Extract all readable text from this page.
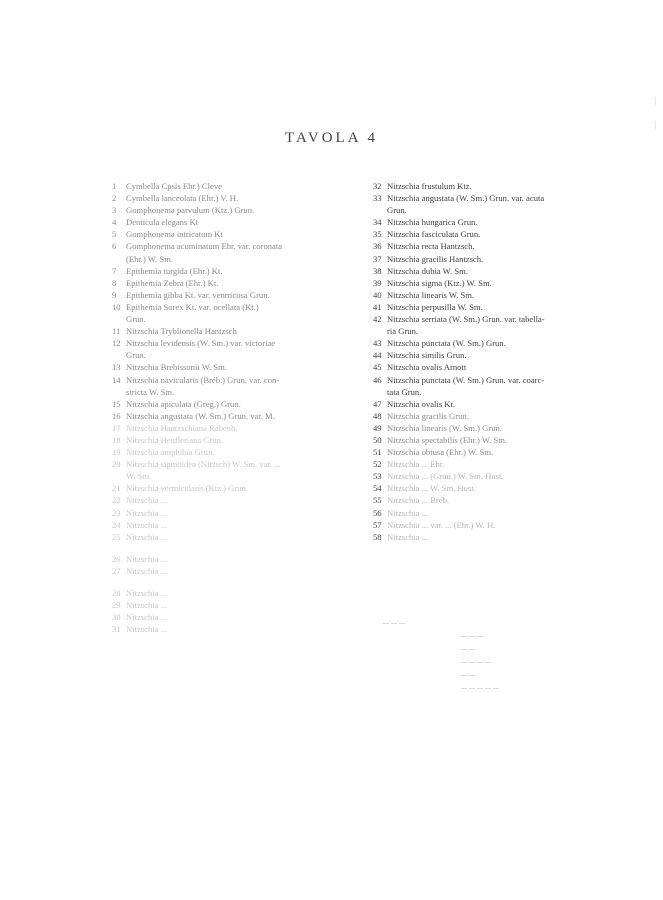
TAVOLA 4
1	Cymbella Cpsis Ehr.) Cleve
2	Cymbella lanceolata (Ehr.) V. H.
3	Gomphonema parvulum (Ktz.) Grun.
4	Denticula elegans Kt
5	Gomphonema intricatum Kt
6	Gomphonema acuminatum Ehr. var. coronata
(Ehr.) W. Sm.
7	Epithemia turgida (Ehr.) Kt.
8	Epithemia Zebra (Ehr.) Kt.
9	Epithemia gibba Kt. var. ventricosa Grun.
10 Epithemia Sorex Kt. var. ocellata (Kt.)
Grun.
11 Nitzschia Tryblionella Hantzsch
12 Nitzschia levidensis (W. Sm.) var. victoriae
Grun.
13 Nitzschia Brebissonii W. Sm.
14 Nitzschia navicularis (Bréb.) Grun. var. con-
stricta W. Sm.
15 Nitzschia apiculata (Greg.) Grun.
16 Nitzschia angustata (W. Sm.) Grun. var. M.
17 Nitzschia Hantzschiana Rabenh.
18 Nitzschia Heufleriana Grun.
19 Nitzschia amphibia Grun.
20 Nitzschia sigmoidea (Nitzsch) W. Sm. var. ...
W. Sm.
21 Nitzschia vermicularis (Ktz.) Grun.
22 Nitzschia ...
23 Nitzschia ...
24 Nitzschia ...
25 Nitzschia ...
26 Nitzschia ...
27 Nitzschia ...
28 Nitzschia ...
29 Nitzschia ...
30 Nitzschia ...
31 Nitzschia ...
32 Nitzschia frustulum Ktz.
33 Nitzschia angustata (W. Sm.) Grun. var. acuta
Grun.
34 Nitzschia hungarica Grun.
35 Nitzschia fasciculata Grun.
36 Nitzschia recta Hantzsch.
37 Nitzschia gracilis Hantzsch.
38 Nitzschia dubia W. Sm.
39 Nitzschia sigma (Ktz.) W. Sm.
40 Nitzschia linearis W. Sm.
41 Nitzschia perpusilla W. Sm.
42 Nitzschia serriata (W. Sm.) Grun. var. tabella-
ria Grun.
43 Nitzschia punctata (W. Sm.) Grun.
44 Nitzschia similis Grun.
45 Nitzschia ovalis Arnott
46 Nitzschia punctata (W. Sm.) Grun. var. coarc-
tata Grun.
47 Nitzschia ovalis Kt.
48 Nitzschia gracilis Grun.
49 Nitzschia linearis (W. Sm.) Grun.
50 Nitzschia spectabilis (Ehr.) W. Sm.
51 Nitzschia obtusa (Ehr.) W. Sm.
52 Nitzschia ... Ehr.
53 Nitzschia ... (Grun.) W. Sm. Hust.
54 Nitzschia ... W. Sm. Hust.
55 Nitzschia ... Bréb.
56 Nitzschia ...
57 Nitzschia ... var. ... (Ehr.) W. H.
58 Nitzschia ...
... ... ...
... ... ...
... ...
... ... ... ...
... ...
... ... ... ... ...
|
|
